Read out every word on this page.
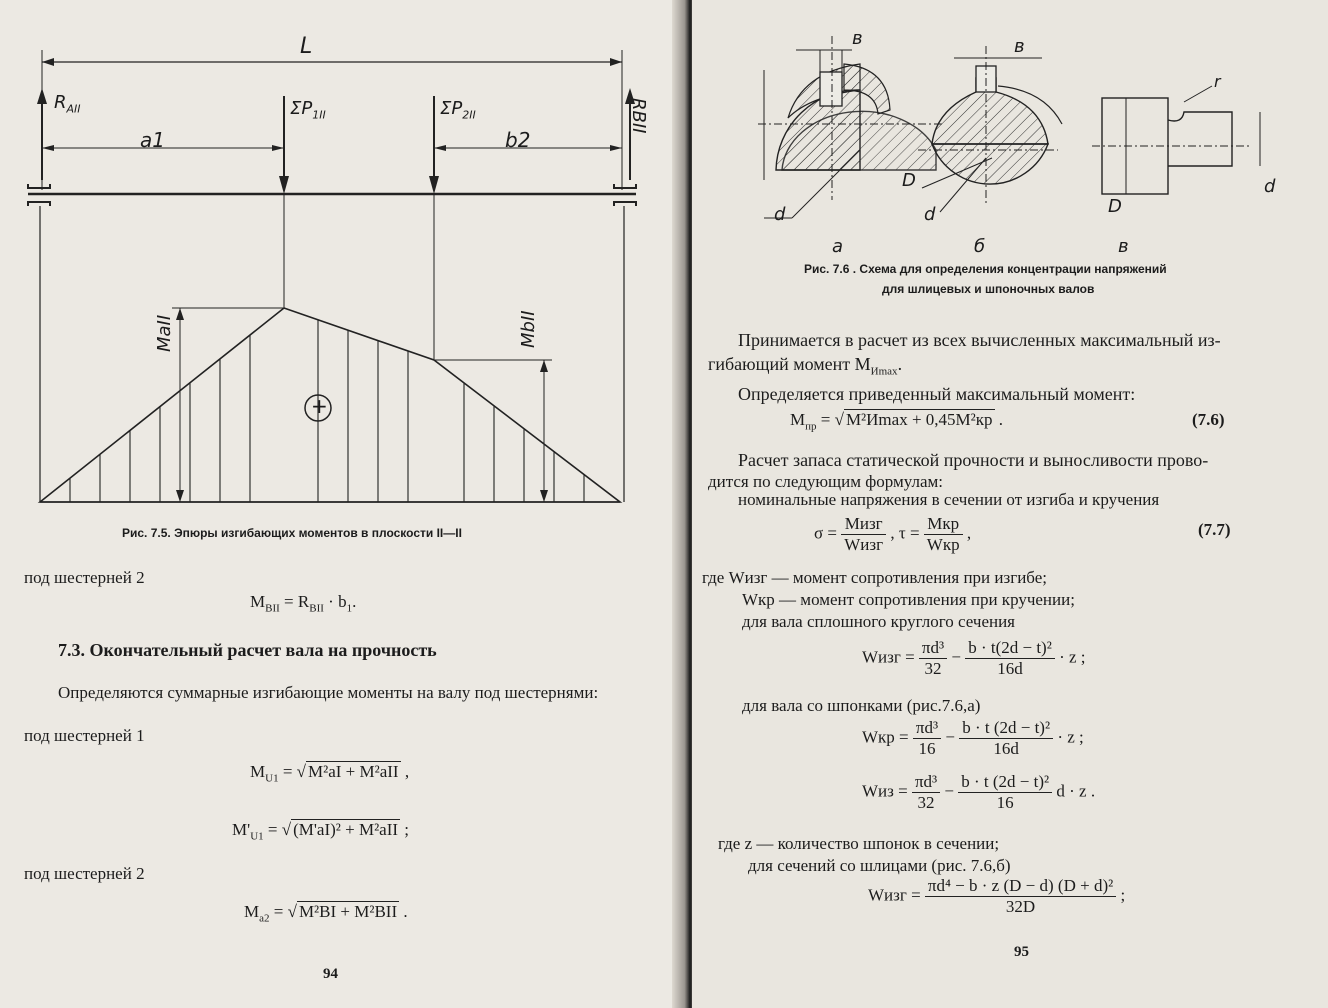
L
$R_{AII}$	$\Sigma P_{1II}$	$\Sigma P_{2II}$
RBII
a1	b2
MaII
MbII
+
Рис. 7.5. Эпюры изгибающих моментов в плоскости II—II
под шестерней 2
$M_{BII} = R_{BII} \cdot b_1$.
7.3. Окончательный расчет вала на прочность
Определяются суммарные изгибающие моменты на валу под шестернями:
под шестерней 1
$M_{U1}$ = √ M²aI + M²aII ,
$M'_{U1}$ = √ (M'aI)² + M²aII ;
под шестерней 2
$M_{a2}$ = √ M²BI + M²BII .
94
в	в
r
D
d	d	D
d
а	б	в
Рис. 7.6 . Схема для определения концентрации напряжений
для шлицевых и шпоночных валов
Принимается в расчет из всех вычисленных максимальный из-
гибающий момент $М_{Иmax}$.
Определяется приведенный максимальный момент:
$М_{пр}$ = √ M²Иmax + 0,45M²кр .	(7.6)
Расчет запаса статической прочности и выносливости прово-
дится по следующим формулам:
номинальные напряжения в сечении от изгиба и кручения
$\sigma = \frac{\text{Mизг}}{\text{Wизг}}$ , $\tau = \frac{\text{Mкр}}{\text{Wкр}}$ ,	(7.7)
где Wизг — момент сопротивления при изгибе;
Wкр — момент сопротивления при кручении;
для вала сплошного круглого сечения
Wизг = $\frac{\text{πd³}}{32} - \frac{\text{b · t(2d − t)²}}{16d} \cdot z$ ;
для вала со шпонками (рис.7.6,а)
Wкр = $\frac{\text{πd³}}{16} - \frac{\text{b · t (2d − t)²}}{16d} \cdot z$ ;
Wиз = $\frac{\text{πd³}}{32} - \frac{\text{b · t (2d − t)²}}{16}$ d · z .
где z — количество шпонок в сечении;
для сечений со шлицами (рис. 7.6,б)
Wизг = $\frac{\text{πd⁴ − b · z (D − d) (D + d)²}}{32D}$ ;
95
